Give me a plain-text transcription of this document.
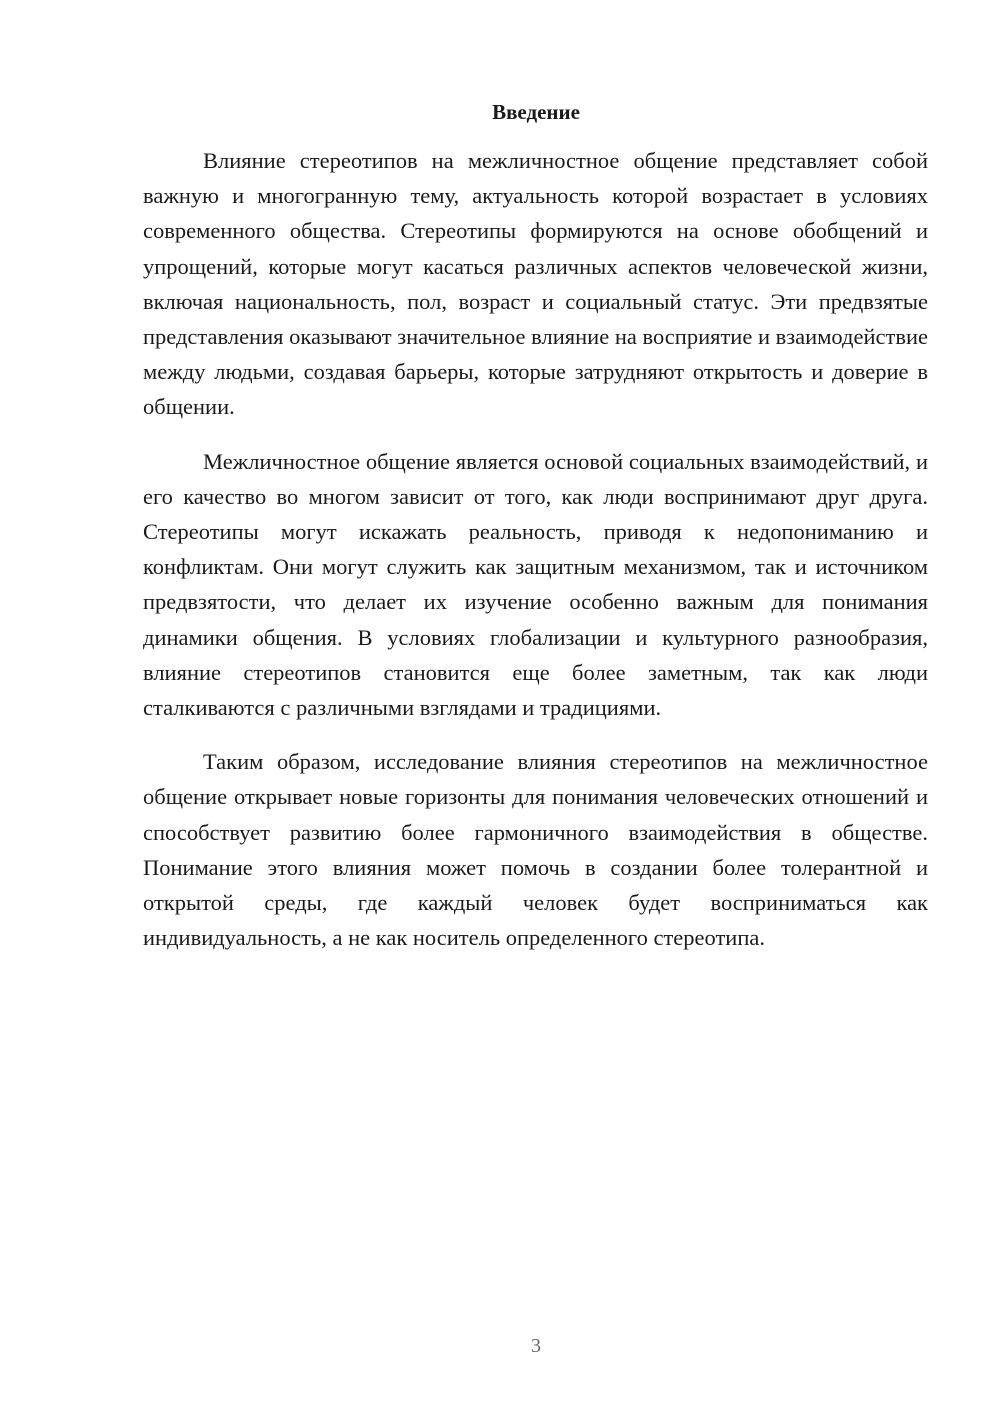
Введение

Влияние стереотипов на межличностное общение представляет собой важную и многогранную тему, актуальность которой возрастает в условиях современного общества. Стереотипы формируются на основе обобщений и упрощений, которые могут касаться различных аспектов человеческой жизни, включая национальность, пол, возраст и социальный статус. Эти предвзятые представления оказывают значительное влияние на восприятие и взаимодействие между людьми, создавая барьеры, которые затрудняют открытость и доверие в общении.

Межличностное общение является основой социальных взаимодействий, и его качество во многом зависит от того, как люди воспринимают друг друга. Стереотипы могут искажать реальность, приводя к недопониманию и конфликтам. Они могут служить как защитным механизмом, так и источником предвзятости, что делает их изучение особенно важным для понимания динамики общения. В условиях глобализации и культурного разнообразия, влияние стереотипов становится еще более заметным, так как люди сталкиваются с различными взглядами и традициями.

Таким образом, исследование влияния стереотипов на межличностное общение открывает новые горизонты для понимания человеческих отношений и способствует развитию более гармоничного взаимодействия в обществе. Понимание этого влияния может помочь в создании более толерантной и открытой среды, где каждый человек будет восприниматься как индивидуальность, а не как носитель определенного стереотипа.

3
